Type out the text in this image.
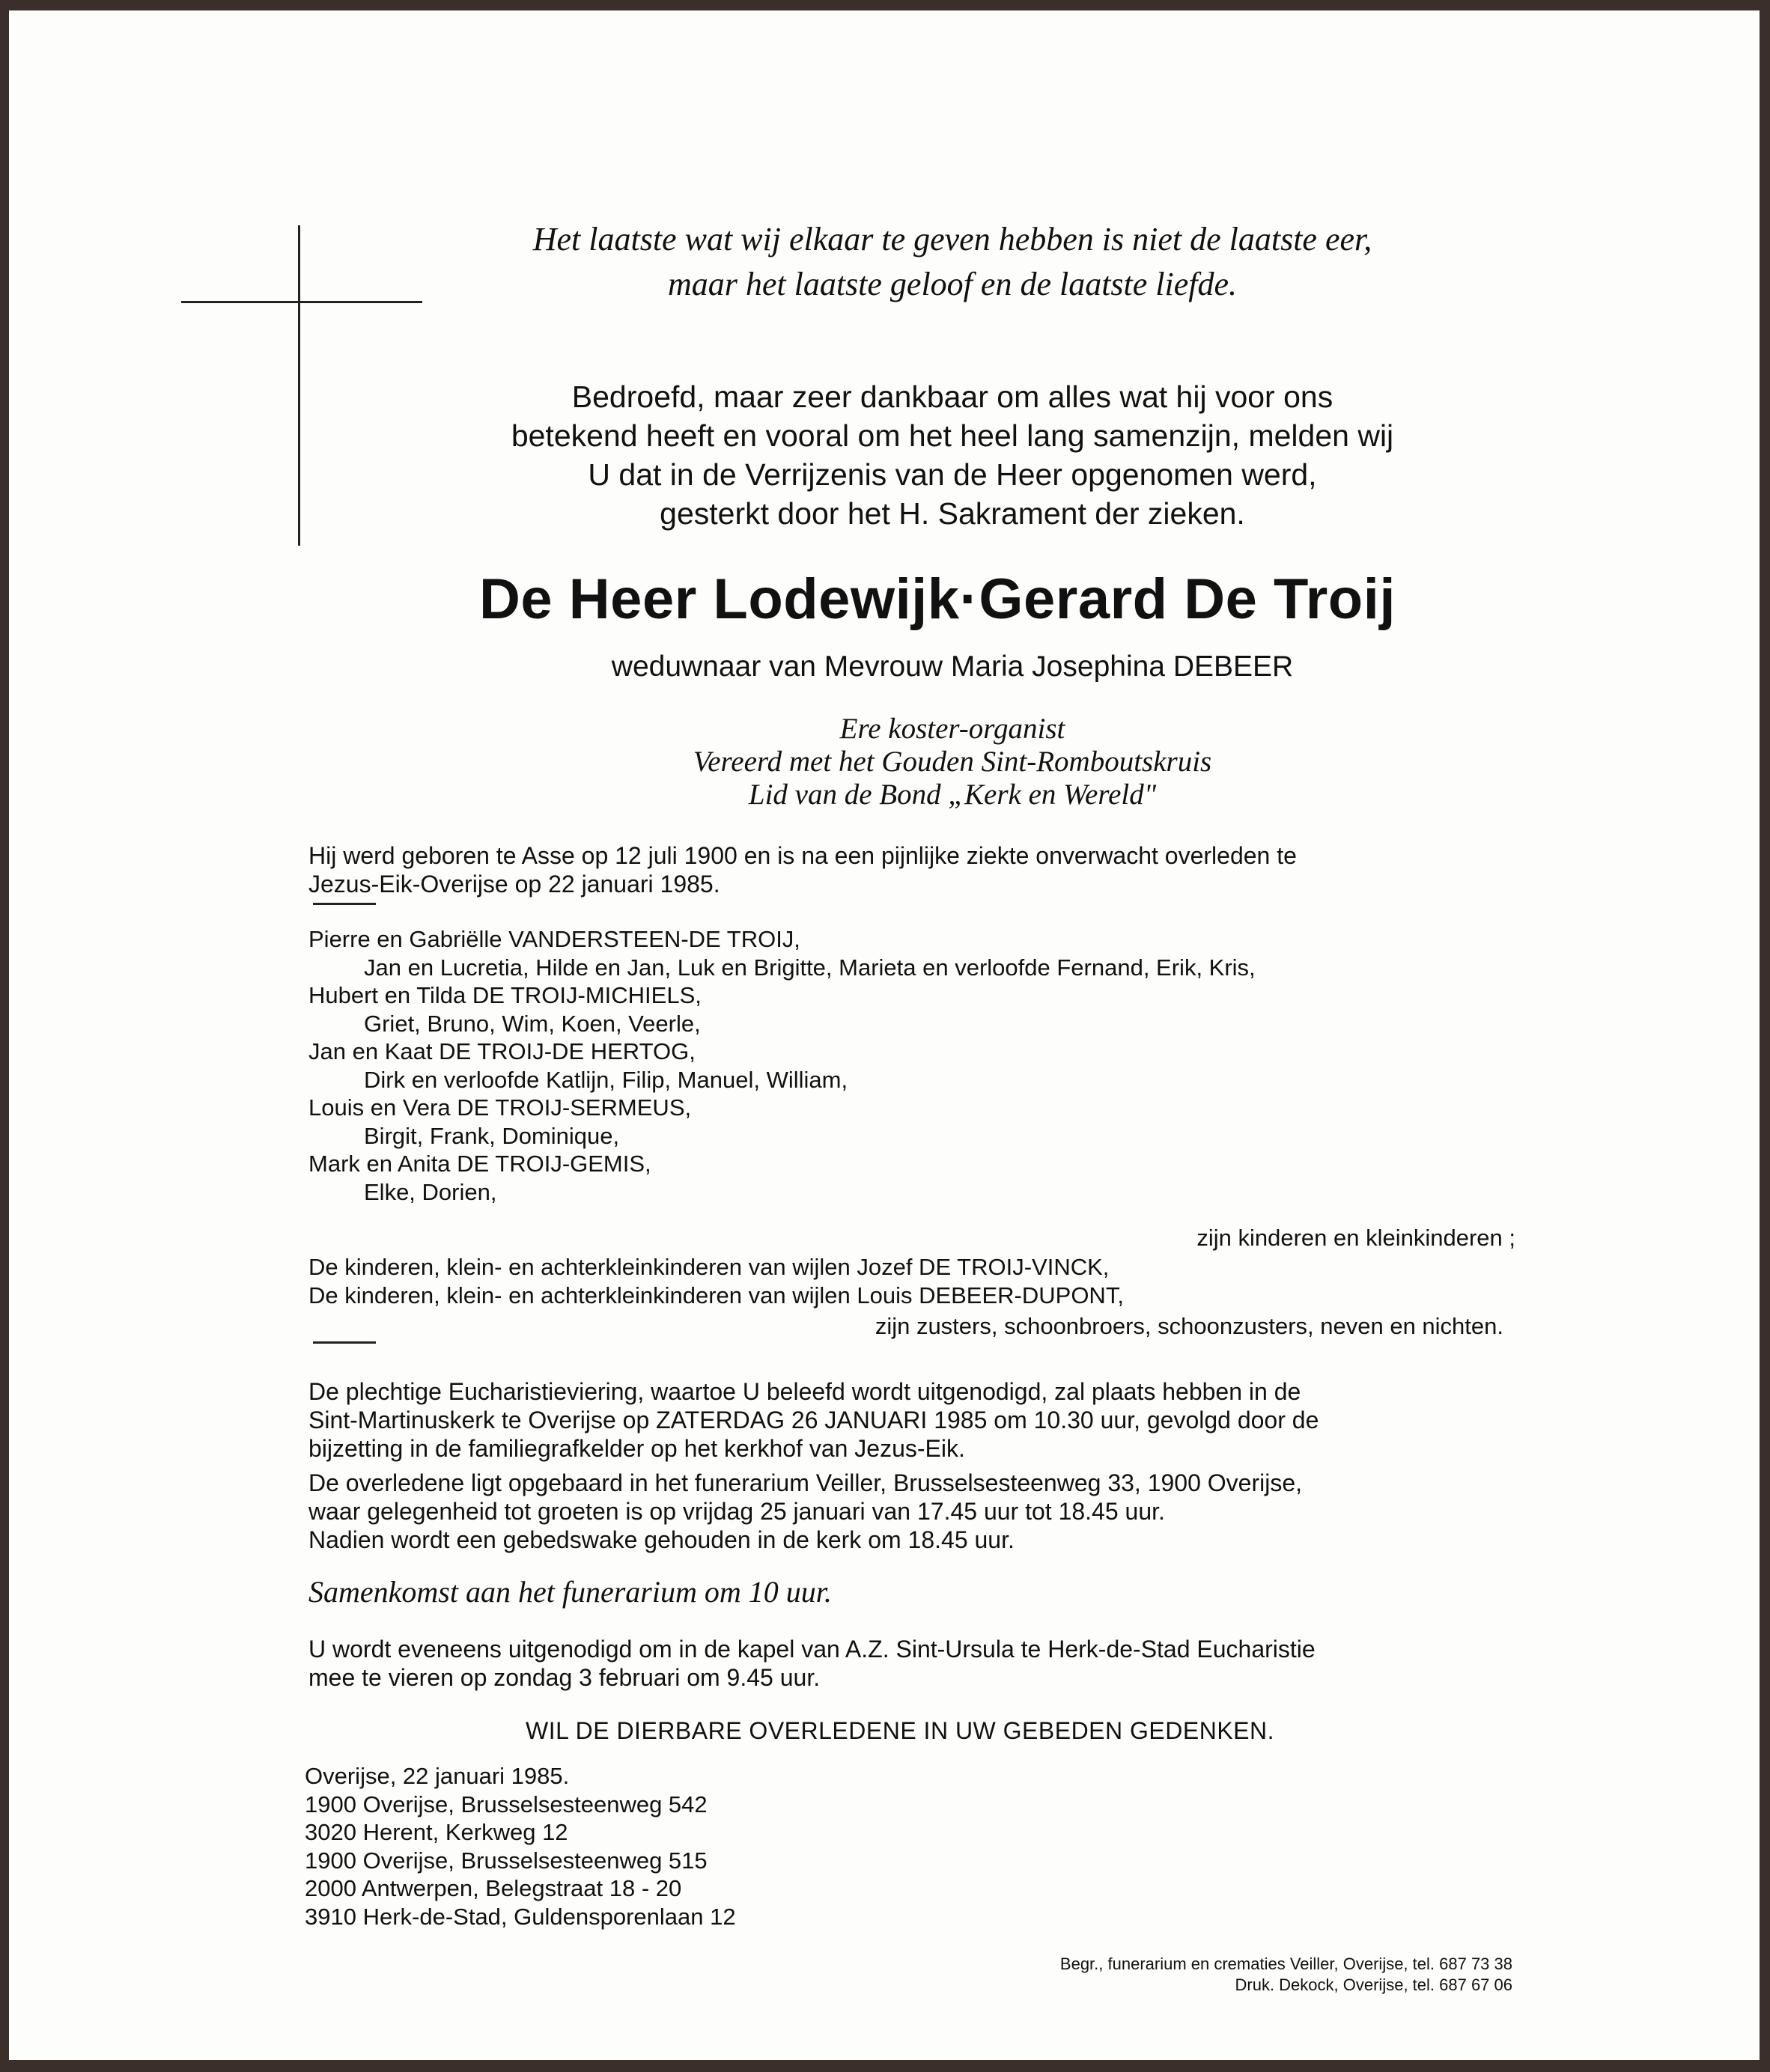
Het laatste wat wij elkaar te geven hebben is niet de laatste eer,
maar het laatste geloof en de laatste liefde.
Bedroefd, maar zeer dankbaar om alles wat hij voor ons
betekend heeft en vooral om het heel lang samenzijn, melden wij
U dat in de Verrijzenis van de Heer opgenomen werd,
gesterkt door het H. Sakrament der zieken.
De Heer Lodewijk·Gerard De Troij
weduwnaar van Mevrouw Maria Josephina DEBEER
Ere koster-organist
Vereerd met het Gouden Sint-Romboutskruis
Lid van de Bond „Kerk en Wereld"
Hij werd geboren te Asse op 12 juli 1900 en is na een pijnlijke ziekte onverwacht overleden te
Jezus-Eik-Overijse op 22 januari 1985.
Pierre en Gabriëlle VANDERSTEEN-DE TROIJ,
Jan en Lucretia, Hilde en Jan, Luk en Brigitte, Marieta en verloofde Fernand, Erik, Kris,
Hubert en Tilda DE TROIJ-MICHIELS,
Griet, Bruno, Wim, Koen, Veerle,
Jan en Kaat DE TROIJ-DE HERTOG,
Dirk en verloofde Katlijn, Filip, Manuel, William,
Louis en Vera DE TROIJ-SERMEUS,
Birgit, Frank, Dominique,
Mark en Anita DE TROIJ-GEMIS,
Elke, Dorien,
zijn kinderen en kleinkinderen ;
De kinderen, klein- en achterkleinkinderen van wijlen Jozef DE TROIJ-VINCK,
De kinderen, klein- en achterkleinkinderen van wijlen Louis DEBEER-DUPONT,
zijn zusters, schoonbroers, schoonzusters, neven en nichten.
De plechtige Eucharistieviering, waartoe U beleefd wordt uitgenodigd, zal plaats hebben in de
Sint-Martinuskerk te Overijse op ZATERDAG 26 JANUARI 1985 om 10.30 uur, gevolgd door de
bijzetting in de familiegrafkelder op het kerkhof van Jezus-Eik.
De overledene ligt opgebaard in het funerarium Veiller, Brusselsesteenweg 33, 1900 Overijse,
waar gelegenheid tot groeten is op vrijdag 25 januari van 17.45 uur tot 18.45 uur.
Nadien wordt een gebedswake gehouden in de kerk om 18.45 uur.
Samenkomst aan het funerarium om 10 uur.
U wordt eveneens uitgenodigd om in de kapel van A.Z. Sint-Ursula te Herk-de-Stad Eucharistie
mee te vieren op zondag 3 februari om 9.45 uur.
WIL DE DIERBARE OVERLEDENE IN UW GEBEDEN GEDENKEN.
Overijse, 22 januari 1985.
1900 Overijse, Brusselsesteenweg 542
3020 Herent, Kerkweg 12
1900 Overijse, Brusselsesteenweg 515
2000 Antwerpen, Belegstraat 18 - 20
3910 Herk-de-Stad, Guldensporenlaan 12
Begr., funerarium en crematies Veiller, Overijse, tel. 687 73 38
Druk. Dekock, Overijse, tel. 687 67 06
